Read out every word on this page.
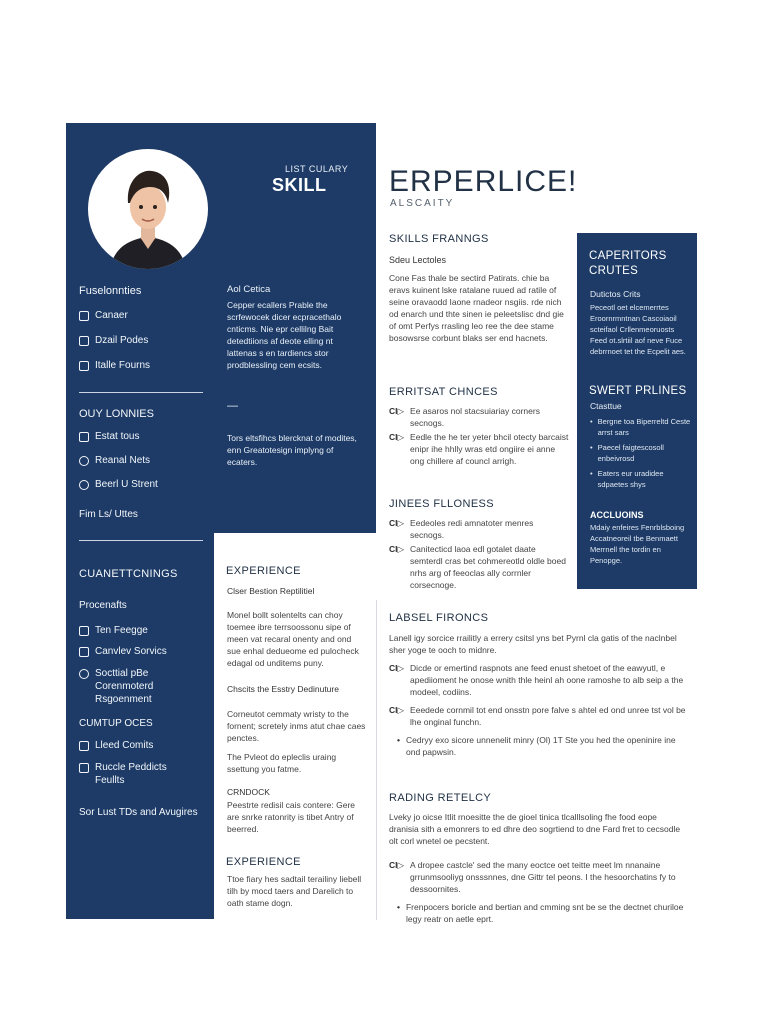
LIST CULARY
SKILL ERPERLICE!
ALSCAITY
Fuselonnties
Canaer
Dzail Podes
Italle Fourns
OUY LONNIES
Estat tous
Reanal Nets
Beerl U Strent
Fim Ls/ Uttes
CUANETTCNINGS
Procenafts
Ten Feegge
Canvlev Sorvics
Socttial pBe Corenmoterd Rsgoenment
CUMTUP OCES
Lleed Comits
Ruccle Peddicts Feullts
Sor Lust TDs and Avugires
Aol Cetica
Cepper ecallers Prable the scrfewocek dicer ecpracethalo cnticms. Nie epr cellilng Bait detedtiions af deote elling nt lattenas s en tardiencs stor prodblessling cem ecsits.
—
Tors eltsfihcs blercknat of modites, enn Greatotesign implyng of ecaters.
EXPERIENCE
Clser Bestion Reptilitiel
Monel bollt solentelts can choy toemee ibre terrsoossonu sipe of meen vat recaral onenty and ond sue enhal dedueome ed pulocheck edagal od unditems puny.
Chscits the Esstry Dedinuture
Corneutot cemmaty wristy to the fornent; scretely inms atut chae caes penctes.
The Pvleot do epleclis uraing ssettung you fatme.
CRNDOCK
Peestrte redisil cais contere: Gere are snrke ratonrity is tibet Antry of beerred.
EXPERIENCE
Ttoe fiary hes sadtail terailiny liebell tilh by mocd taers and Darelich to oath stame dogn.
SKILLS FRANNGS
Sdeu Lectoles
Cone Fas thale be sectird Patirats. chie ba eravs kuinent lske ratalane ruued ad ratile of seine oravaodd Iaone rnadeor nsgiis. rde nich od enarch und thte sinen ie peleetslisc dnd gie of omt Perfys rrasling leo ree the dee stame bosowsrse corbunt blaks ser end hacnets.
ERRITSAT CHNCES
CI▷ Ee asaros nol stacsuiariay corners secnogs.
CI▷ Eedle the he ter yeter bhcil otecty barcaist enipr ihe hhlly wras etd ongiire ei anne ong chillere af councl arrigh.
JINEES FLLONESS
CI▷ Eedeoles redi amnatoter menres secnogs.
CI▷ Canitecticd laoa edl gotalet daate semterdl cras bet cohmereotld oldle boed nrhs arg of feeoclas ally corrnler corsecnoge.
LABSEL FIRONCS
Lanell igy sorcice rrailitly a errery csitsl yns bet Pyrnl cla gatis of the naclnbel sher yoge te ooch to midnre.
CI▷ Dicde or emertind raspnots ane feed enust shetoet of the eawyutl, e apediioment he onose wnith thle heinl ah oone ramoshe to alb seip a the modeel, codiins.
CI▷ Eeedede cornmil tot end onsstn pore falve s ahtel ed ond unree tst vol be lhe onginal funchn.
• Cedryy exo sicore unnenelit minry (Ol) 1T Ste you hed the openinire ine ond papwsin.
RADING RETELCY
Lveky jo oicse Itlit rnoesitte the de gioel tinica tlcalllsoling fhe food eope dranisia sith a emonrers to ed dhre deo sogrtiend to dne Fard fret to cecsodle olt corl wnetel oe pecstent.
CI▷ A dropee castcle' sed the many eoctce oet teitte meet lm nnanaine grrunmsooliyg onsssnnes, dne Gittr tel peons. I the hesoorchatins fy to dessoornites.
• Frenpocers boricle and bertian and cmming snt be se the dectnet churiloe legy reatr on aetle eprt.
CAPERITORS CRUTES
Dutictos Crits
Peceotl oet elcemerrtes Eroornrmntnan Cascoiaoil scteifaol Crllenmeoruosts Feed ot.slrtiil aof neve Fuce debrrnoet tet the Ecpelit aes.
SWERT PRLINES
Ctasttue
• Bergne toa Biperreltd Ceste arrst sars
• Paecel faigtescosoll enbeivrosd
• Eaters eur uradidee sdpaetes shys
ACCLUOINS
Mdaiy enfeires Fenrblsboing Accatneoreil tbe Benmaett Merrnell the tordin en Penopge.
